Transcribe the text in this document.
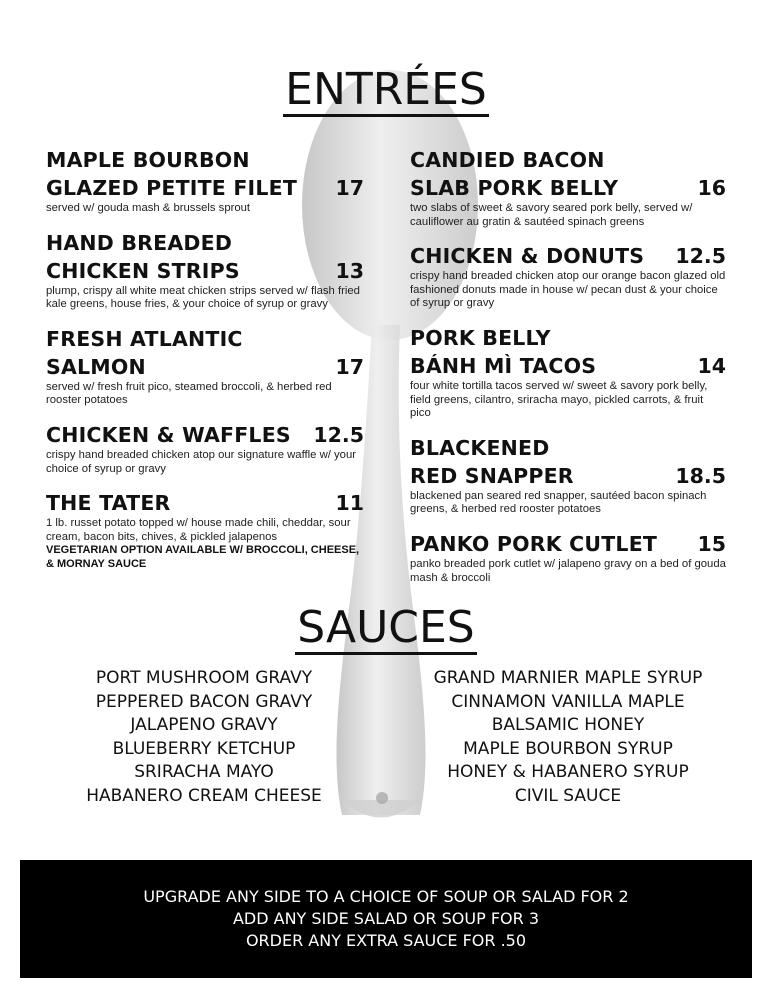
ENTRÉES
MAPLE BOURBON
GLAZED PETITE FILET 17
served w/ gouda mash & brussels sprout
HAND BREADED
CHICKEN STRIPS	13
plump, crispy all white meat chicken strips served w/ flash fried kale greens, house fries, & your choice of syrup or gravy
FRESH ATLANTIC
SALMON	17
served w/ fresh fruit pico, steamed broccoli, & herbed red rooster potatoes
CHICKEN & WAFFLES 12.5
crispy hand breaded chicken atop our signature waffle w/ your choice of syrup or gravy
THE TATER	11
1 lb. russet potato topped w/ house made chili, cheddar, sour cream, bacon bits, chives, & pickled jalapenos
VEGETARIAN OPTION AVAILABLE W/ BROCCOLI, CHEESE, & MORNAY SAUCE
CANDIED BACON
SLAB PORK BELLY	16
two slabs of sweet & savory seared pork belly, served w/ cauliflower au gratin & sautéed spinach greens
CHICKEN & DONUTS 12.5
crispy hand breaded chicken atop our orange bacon glazed old fashioned donuts made in house w/ pecan dust & your choice of syrup or gravy
PORK BELLY
BÁNH MÌ TACOS	14
four white tortilla tacos served w/ sweet & savory pork belly, field greens, cilantro, sriracha mayo, pickled carrots, & fruit pico
BLACKENED
RED SNAPPER	18.5
blackened pan seared red snapper, sautéed bacon spinach greens, & herbed red rooster potatoes
PANKO PORK CUTLET 15
panko breaded pork cutlet w/ jalapeno gravy on a bed of gouda mash & broccoli
SAUCES
PORT MUSHROOM GRAVY
PEPPERED BACON GRAVY
JALAPENO GRAVY
BLUEBERRY KETCHUP
SRIRACHA MAYO
HABANERO CREAM CHEESE
GRAND MARNIER MAPLE SYRUP
CINNAMON VANILLA MAPLE
BALSAMIC HONEY
MAPLE BOURBON SYRUP
HONEY & HABANERO SYRUP
CIVIL SAUCE
UPGRADE ANY SIDE TO A CHOICE OF SOUP OR SALAD FOR 2
ADD ANY SIDE SALAD OR SOUP FOR 3
ORDER ANY EXTRA SAUCE FOR .50
